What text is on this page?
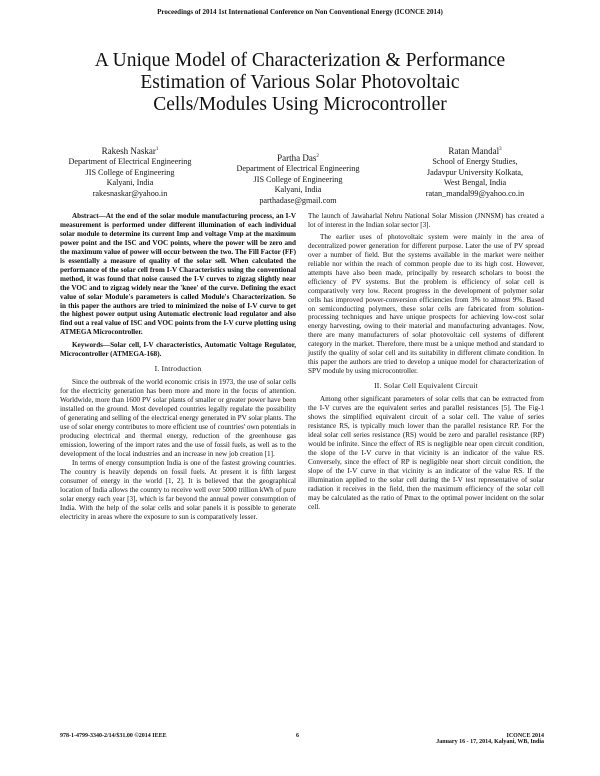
Proceedings of 2014 1st International Conference on Non Conventional Energy (ICONCE 2014)
A Unique Model of Characterization & Performance
Estimation of Various Solar Photovoltaic
Cells/Modules Using Microcontroller
Rakesh Naskar$^1$
Department of Electrical Engineering
JIS College of Engineering
Kalyani, India
rakesnaskar@yahoo.in
Partha Das$^2$
Department of Electrical Engineering
JIS College of Engineering
Kalyani, India
parthadase@gmail.com
Ratan Mandal$^3$
School of Energy Studies,
Jadavpur University Kolkata,
West Bengal, India
ratan_mandal99@yahoo.co.in

Abstract—At the end of the solar module manufacturing process, an I-V measurement is performed under different illumination of each individual solar module to determine its current Imp and voltage Vmp at the maximum power point and the ISC and VOC points, where the power will be zero and the maximum value of power will occur between the two. The Fill Factor (FF) is essentially a measure of quality of the solar sell. When calculated the performance of the solar cell from I-V Characteristics using the conventional method, it was found that noise caused the I-V curves to zigzag slightly near the VOC and to zigzag widely near the 'knee' of the curve. Defining the exact value of solar Module's parameters is called Module's Characterization. So in this paper the authors are tried to minimized the noise of I-V curve to get the highest power output using Automatic electronic load regulator and also find out a real value of ISC and VOC points from the I-V curve plotting using ATMEGA Microcontroller.

Keywords—Solar cell, I-V characteristics, Automatic Voltage Regulator, Microcontroller (ATMEGA-168).

I. Introduction

Since the outbreak of the world economic crisis in 1973, the use of solar cells for the electricity generation has been more and more in the focus of attention. Worldwide, more than 1600 PV solar plants of smaller or greater power have been installed on the ground. Most developed countries legally regulate the possibility of generating and selling of the electrical energy generated in PV solar plants. The use of solar energy contributes to more efficient use of countries' own potentials in producing electrical and thermal energy, reduction of the greenhouse gas emission, lowering of the import rates and the use of fossil fuels, as well as to the development of the local industries and an increase in new job creation [1].

In terms of energy consumption India is one of the fastest growing countries. The country is heavily depends on fossil fuels. At present it is fifth largest consumer of energy in the world [1, 2]. It is believed that the geographical location of India allows the country to receive well over 5000 trillion kWh of pure solar energy each year [3], which is far beyond the annual power consumption of India. With the help of the solar cells and solar panels it is possible to generate electricity in areas where the exposure to sun is comparatively lesser.

The launch of Jawaharlal Nehru National Solar Mission (JNNSM) has created a lot of interest in the Indian solar sector [3].

The earlier uses of photovoltaic system were mainly in the area of decentralized power generation for different purpose. Later the use of PV spread over a number of field. But the systems available in the market were neither reliable nor within the reach of common people due to its high cost. However, attempts have also been made, principally by research scholars to boost the efficiency of PV systems. But the problem is efficiency of solar cell is comparatively very low. Recent progress in the development of polymer solar cells has improved power-conversion efficiencies from 3% to almost 9%. Based on semiconducting polymers, these solar cells are fabricated from solution-processing techniques and have unique prospects for achieving low-cost solar energy harvesting, owing to their material and manufacturing advantages. Now, there are many manufacturers of solar photovoltaic cell systems of different category in the market. Therefore, there must be a unique method and standard to justify the quality of solar cell and its suitability in different climate condition. In this paper the authors are tried to develop a unique model for characterization of SPV module by using microcontroller.

II. Solar Cell Equivalent Circuit

Among other significant parameters of solar cells that can be extracted from the I-V curves are the equivalent series and parallel resistances [5]. The Fig-1 shows the simplified equivalent circuit of a solar cell. The value of series resistance RS, is typically much lower than the parallel resistance RP. For the ideal solar cell series resistance (RS) would be zero and parallel resistance (RP) would be infinite. Since the effect of RS is negligible near open circuit condition, the slope of the I-V curve in that vicinity is an indicator of the value RS. Conversely, since the effect of RP is negligible near short circuit condition, the slope of the I-V curve in that vicinity is an indicator of the value RS. If the illumination applied to the solar cell during the I-V test representative of solar radiation it receives in the field, then the maximum efficiency of the solar cell may be calculated as the ratio of Pmax to the optimal power incident on the solar cell.

978-1-4799-3340-2/14/$31.00 ©2014 IEEE	6	ICONCE 2014
January 16 - 17, 2014, Kalyani, WB, India
